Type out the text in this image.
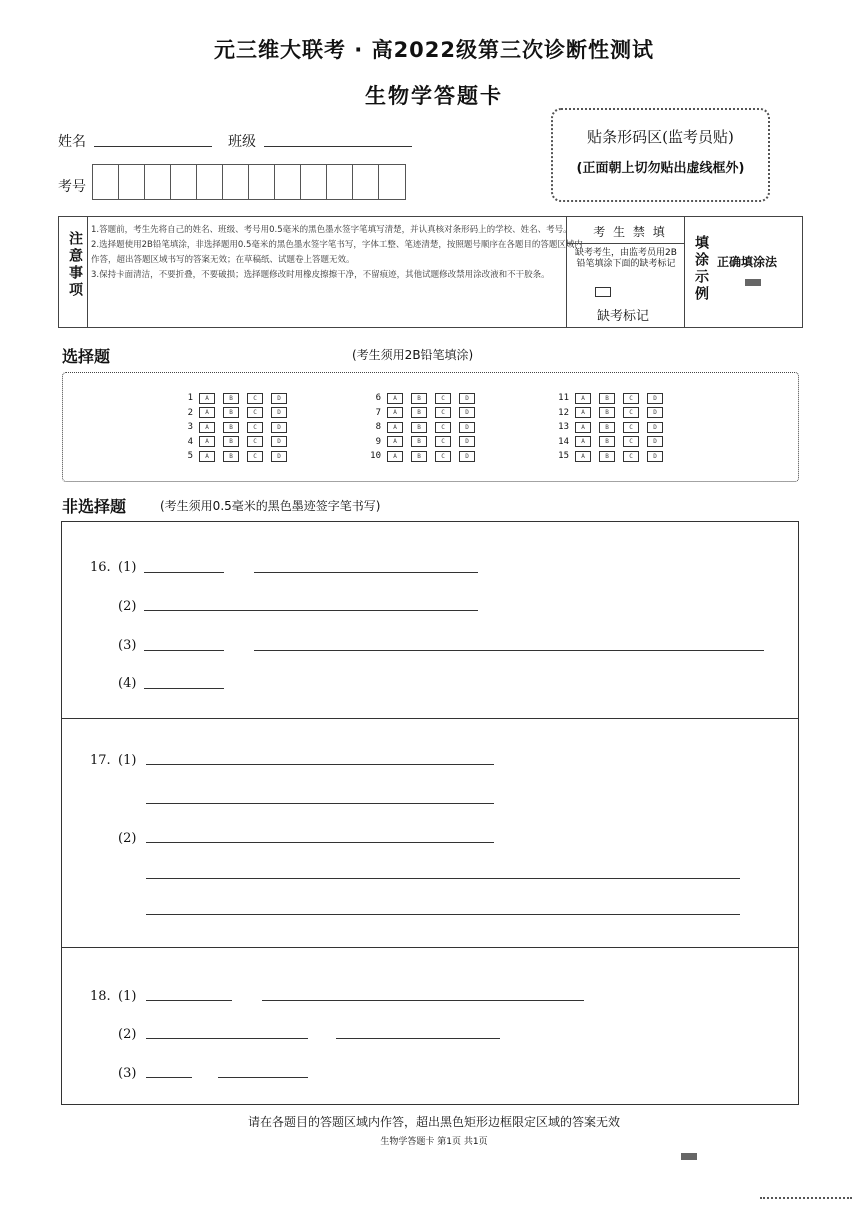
元三维大联考 · 高2022级第三次诊断性测试
生物学答题卡
姓名	班级
考号
贴条形码区(监考员贴)
(正面朝上切勿贴出虚线框外)
注意事项
1.答题前，考生先将自己的姓名、班级、考号用0.5毫米的黑色墨水签字笔填写清楚，并认真核对条形码上的学校、姓名、考号。
2.选择题使用2B铅笔填涂，非选择题用0.5毫米的黑色墨水签字笔书写，字体工整、笔迹清楚，按照题号顺序在各题目的答题区域内作答，超出答题区域书写的答案无效；在草稿纸、试题卷上答题无效。
3.保持卡面清洁，不要折叠，不要破损；选择题修改时用橡皮擦擦干净，不留痕迹，其他试题修改禁用涂改液和不干胶条。
考 生 禁 填
缺考考生，由监考员用2B铅笔填涂下面的缺考标记
缺考标记
填涂示例 正确填涂法
选择题	(考生须用2B铅笔填涂)
1	A	B	C	D
2	A	B	C	D
3	A	B	C	D
4	A	B	C	D
5	A	B	C	D
6	A	B	C	D
7	A	B	C	D
8	A	B	C	D
9	A	B	C	D
10	A	B	C	D
11	A	B	C	D
12	A	B	C	D
13	A	B	C	D
14	A	B	C	D
15	A	B	C	D
非选择题	(考生须用0.5毫米的黑色墨迹签字笔书写)
16. (1)
(2)
(3)
(4)
17. (1)
(2)
18. (1)
(2)
(3)
请在各题目的答题区域内作答，超出黑色矩形边框限定区域的答案无效
生物学答题卡 第1页 共1页
